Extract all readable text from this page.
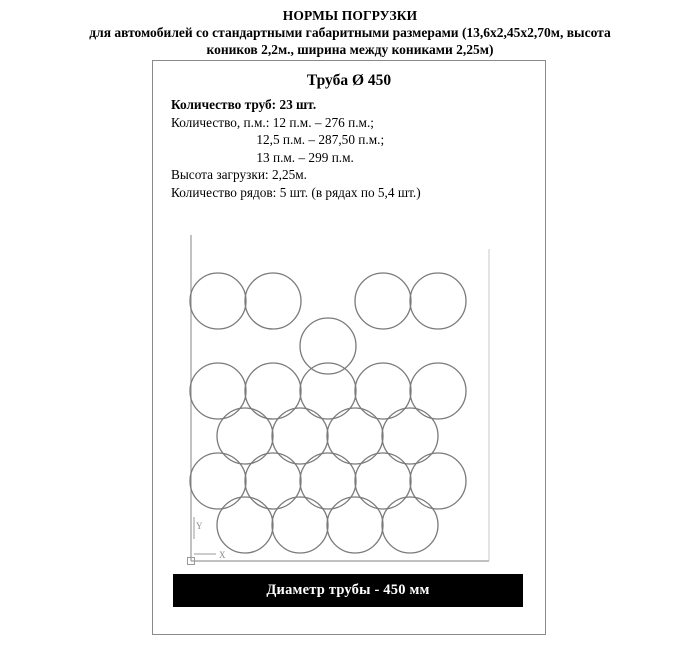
НОРМЫ ПОГРУЗКИ
для автомобилей со стандартными габаритными размерами (13,6х2,45х2,70м, высота
коников 2,2м., ширина между кониками 2,25м)
Труба Ø 450
Количество труб: 23 шт.
Количество, п.м.: 12 п.м. – 276 п.м.;
12,5 п.м. – 287,50 п.м.;
13 п.м. – 299 п.м.
Высота загрузки: 2,25м.
Количество рядов: 5 шт. (в рядах по 5,4 шт.)
Y
X
Диаметр трубы - 450 мм
